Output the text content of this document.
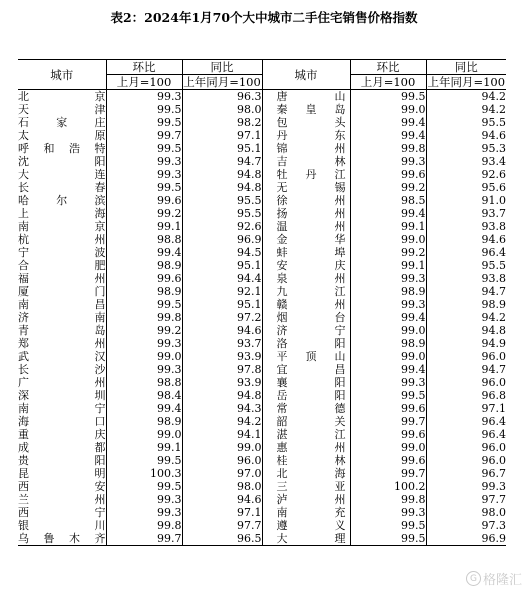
表2：2024年1月70个大中城市二手住宅销售价格指数
城市	环比	同比	城市	环比	同比
	上月=100	上年同月=100		上月=100	上年同月=100
北京	99.3	96.3	唐山	99.5	94.2
天津	99.5	98.0	秦皇岛	99.0	94.2
石家庄	99.5	98.2	包头	99.4	95.5
太原	99.7	97.1	丹东	99.4	94.6
呼和浩特	99.5	95.1	锦州	99.8	95.3
沈阳	99.3	94.7	吉林	99.3	93.4
大连	99.3	94.8	牡丹江	99.6	92.6
长春	99.5	94.8	无锡	99.2	95.6
哈尔滨	99.6	95.5	徐州	98.5	91.0
上海	99.2	95.5	扬州	99.4	93.7
南京	99.1	92.6	温州	99.1	93.8
杭州	98.8	96.9	金华	99.0	94.6
宁波	99.4	94.5	蚌埠	99.2	96.4
合肥	98.9	95.1	安庆	99.1	95.5
福州	99.6	94.4	泉州	99.3	93.8
厦门	98.9	92.1	九江	98.9	94.7
南昌	99.5	95.1	赣州	99.3	98.9
济南	99.8	97.2	烟台	99.4	94.2
青岛	99.2	94.6	济宁	99.0	94.8
郑州	99.3	93.7	洛阳	98.9	94.9
武汉	99.0	93.9	平顶山	99.0	96.0
长沙	99.3	97.8	宜昌	99.4	94.7
广州	98.8	93.9	襄阳	99.3	96.0
深圳	98.4	94.8	岳阳	99.5	96.8
南宁	99.4	94.3	常德	99.6	97.1
海口	98.9	94.2	韶关	99.7	96.4
重庆	99.0	94.1	湛江	99.6	96.4
成都	99.1	99.0	惠州	99.0	96.0
贵阳	99.5	96.0	桂林	99.6	96.0
昆明	100.3	97.0	北海	99.7	96.7
西安	99.5	98.0	三亚	100.2	99.3
兰州	99.3	94.6	泸州	99.8	97.7
西宁	99.3	97.1	南充	99.3	98.0
银川	99.8	97.7	遵义	99.5	97.3
乌鲁木齐	99.7	96.5	大理	99.5	96.9
G 格隆汇
